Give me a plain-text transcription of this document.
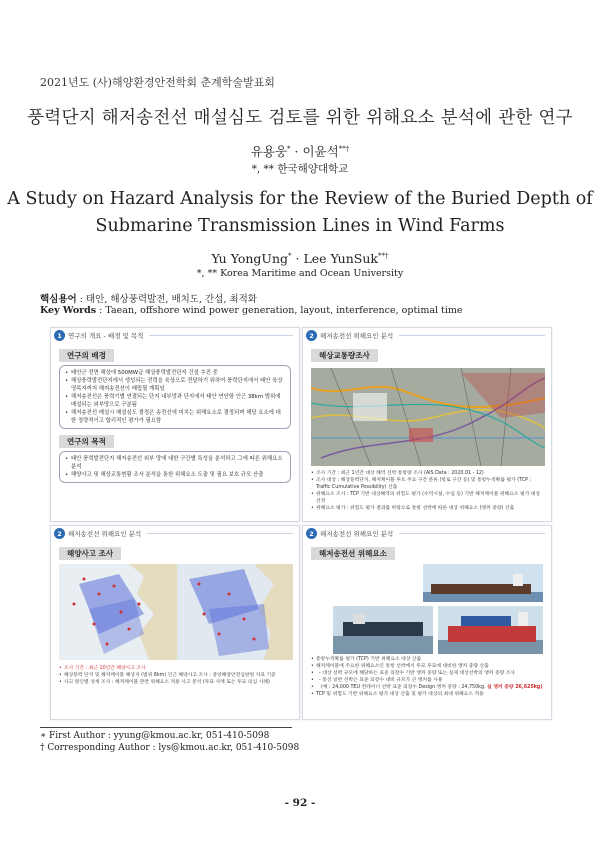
2021년도 (사)해양환경안전학회 춘계학술발표회
풍력단지 해저송전선 매설심도 검토를 위한 위해요소 분석에 관한 연구
유용웅* · 이윤석**†
*, ** 한국해양대학교
A Study on Hazard Analysis for the Review of the Buried Depth of
Submarine Transmission Lines in Wind Farms
Yu YongUng* · Lee YunSuk**†
*, ** Korea Maritime and Ocean University
핵심용어 : 태안, 해상풍력발전, 배치도, 간섭, 최적화
Key Words : Taean, offshore wind power generation, layout, interference, optimal time
1 연구의 개요 - 배경 및 목적
연구의 배경
• 태안군 전면 해상에 500MW급 해상풍력발전단지 건설 추진 중
• 해상풍력발전단지에서 생성되는 전력을 육상으로 전달하기 위하여 풍력단지에서 태안 육상 영목지까지 해저송전선이 매립될 계획임
• 해저송전선은 풍력기별 연결되는 단지 내부망과 단지에서 태안 연안항 인근 38km 범위에 매설되는 외부망으로 구분됨
• 해저송전선 매설시 매설심도 결정은 송전선에 미치는 위해요소로 결정되며 해당 요소에 대한 정량적이고 합리적인 평가가 필요함
연구의 목적
• 태안 풍력발전단지 해저송전선 외부 망에 대한 구간별 특성을 분석하고 그에 따른 위해요소 분석
• 해양사고 및 해상교통현황 조사 분석을 통한 위해요소 도출 및 필요 보호 규모 산출
2 해저송전선 위해요인 분석
해상교통량조사
• 조사 기간 : 최근 1년간 대상 해역 선박 통항량 조사 (AIS Data : 2020.01 - 12)
• 조사 대상 : 해상풍력단지, 해저케이블 루트 주요 구간 분류 (항로 구간 등) 및 통항누적확률 평가 (TCP : Traffic Cumulative Possibility) 산출
• 위해요소 조사 : TCP 기반 대상해역의 위험도 평가 (수역시설, 수심 등) 기반 해저케이블 위해요소 평가 대상 선정
• 위해요소 평가 : 위험도 평가 결과를 바탕으로 통항 선박에 따른 대상 위해요소 (앵커 중량) 산출
2 해저송전선 위해요인 분석
해양사고 조사
• 조사 기간 : 최근 10년간 해양사고 조사
• 해상풍력 단지 및 해저케이블 해상지 (범위 8km) 인근 해양사고 조사 : 중앙해양안전심판원 자료 기준
• 사고 원인별 상세 조사 : 해저케이블 관련 위해요소 적용 사고 분석 (투묘 사례 또는 투묘 의심 사례)
2 해저송전선 위해요인 분석
해저송전선 위해요소
• 통항누적확률 평가 (TCP) 기반 위해요소 대상 산출
• 해저케이블에 주요한 위해요소인 통항 선박에서 투묘 투묘에 대비한 앵커 중량 산출
• - 대상 선박 규모에 해당하는 표준 의장수 기반 앵커 중량 또는 실제 대상선박의 앵커 중량 조사
• - 통상 일반 선박은 표준 의장수 대비 규모가 큰 앵커를 사용
• (예 : 24,000 TEU 컨테이너 선박 표준 의장수 Design 앵커 중량 : 24,750kg, 실 앵커 중량 26,625kg)
• TCP 및 위험도 기반 위해요소 평가 대상 산출 및 평가 대상의 최대 위해요소 적용
∗ First Author : yyung@kmou.ac.kr, 051-410-5098
† Corresponding Author : lys@kmou.ac.kr, 051-410-5098
- 92 -
